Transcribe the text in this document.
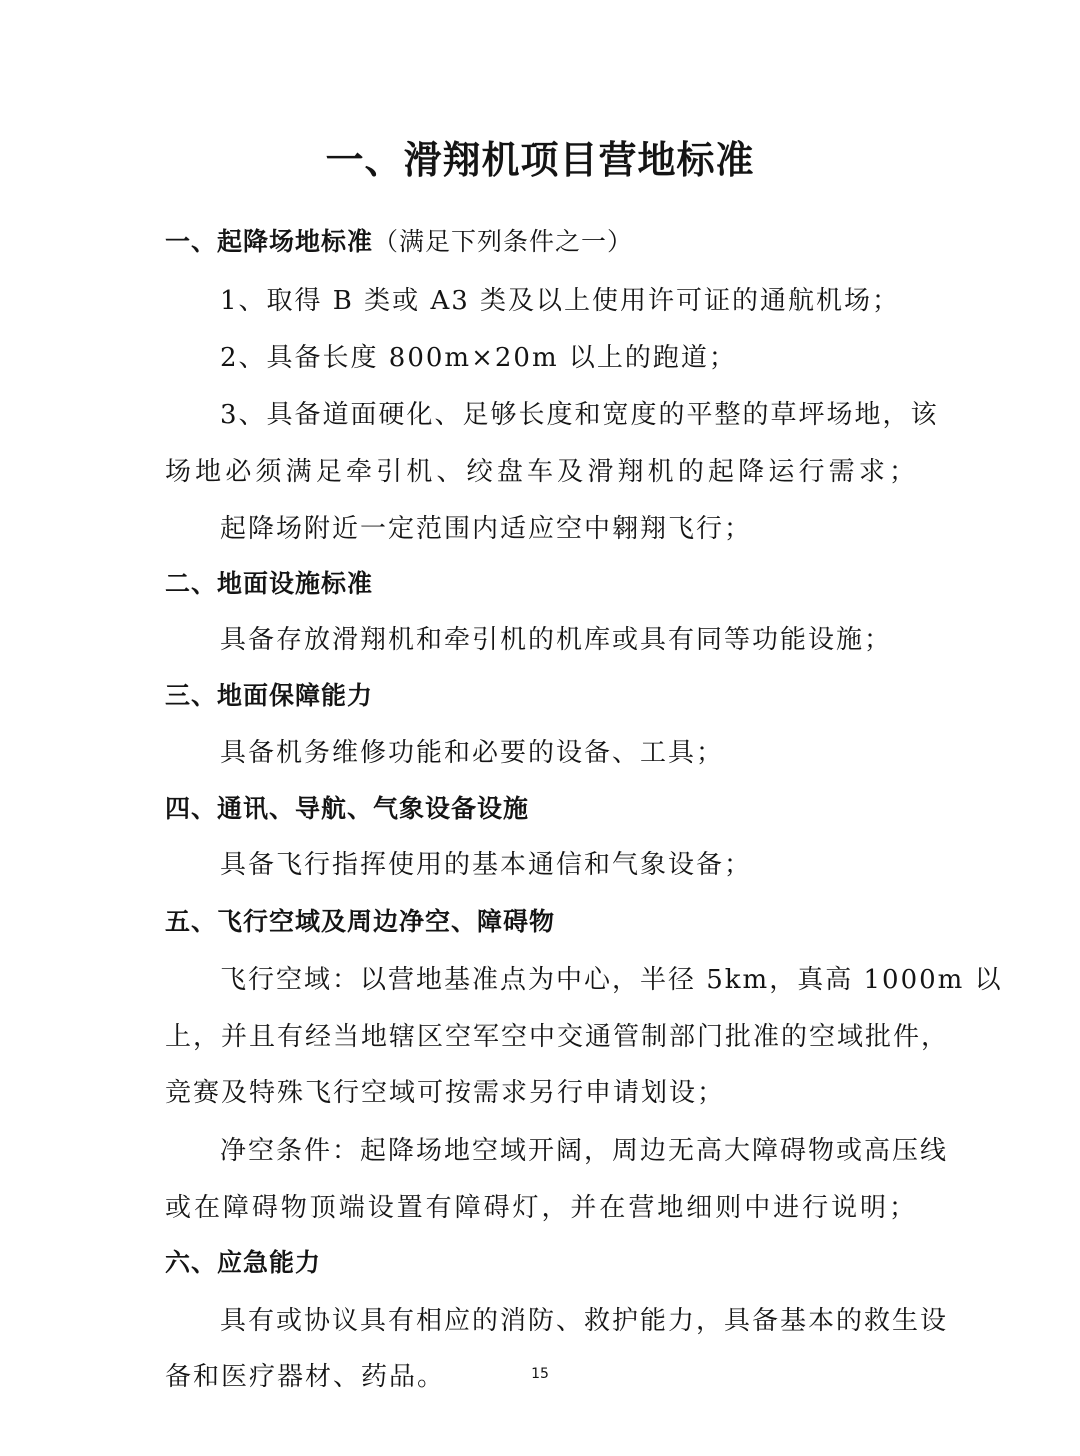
一、滑翔机项目营地标准
一、起降场地标准（满足下列条件之一）
1、取得 B 类或 A3 类及以上使用许可证的通航机场；
2、具备长度 800m×20m 以上的跑道；
3、具备道面硬化、足够长度和宽度的平整的草坪场地，该
场地必须满足牵引机、绞盘车及滑翔机的起降运行需求；
起降场附近一定范围内适应空中翱翔飞行；
二、地面设施标准
具备存放滑翔机和牵引机的机库或具有同等功能设施；
三、地面保障能力
具备机务维修功能和必要的设备、工具；
四、通讯、导航、气象设备设施
具备飞行指挥使用的基本通信和气象设备；
五、飞行空域及周边净空、障碍物
飞行空域：以营地基准点为中心，半径 5km，真高 1000m 以
上，并且有经当地辖区空军空中交通管制部门批准的空域批件，
竞赛及特殊飞行空域可按需求另行申请划设；
净空条件：起降场地空域开阔，周边无高大障碍物或高压线
或在障碍物顶端设置有障碍灯，并在营地细则中进行说明；
六、应急能力
具有或协议具有相应的消防、救护能力，具备基本的救生设
备和医疗器材、药品。	15
